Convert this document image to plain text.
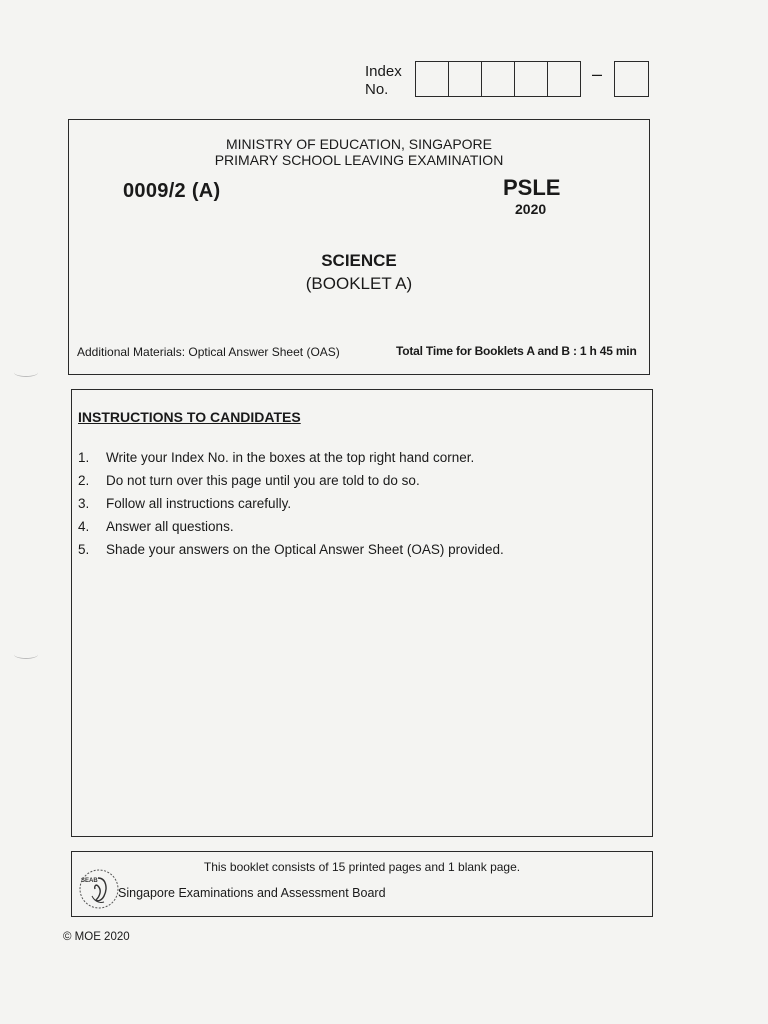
Index
No.
–
MINISTRY OF EDUCATION, SINGAPORE
PRIMARY SCHOOL LEAVING EXAMINATION
0009/2 (A)	PSLE
2020
SCIENCE
(BOOKLET A)
Additional Materials: Optical Answer Sheet (OAS)	Total Time for Booklets A and B : 1 h 45 min
INSTRUCTIONS TO CANDIDATES
1.	Write your Index No. in the boxes at the top right hand corner.
2.	Do not turn over this page until you are told to do so.
3.	Follow all instructions carefully.
4.	Answer all questions.
5.	Shade your answers on the Optical Answer Sheet (OAS) provided.
This booklet consists of 15 printed pages and 1 blank page.
SEAB
Singapore Examinations and Assessment Board
© MOE 2020
